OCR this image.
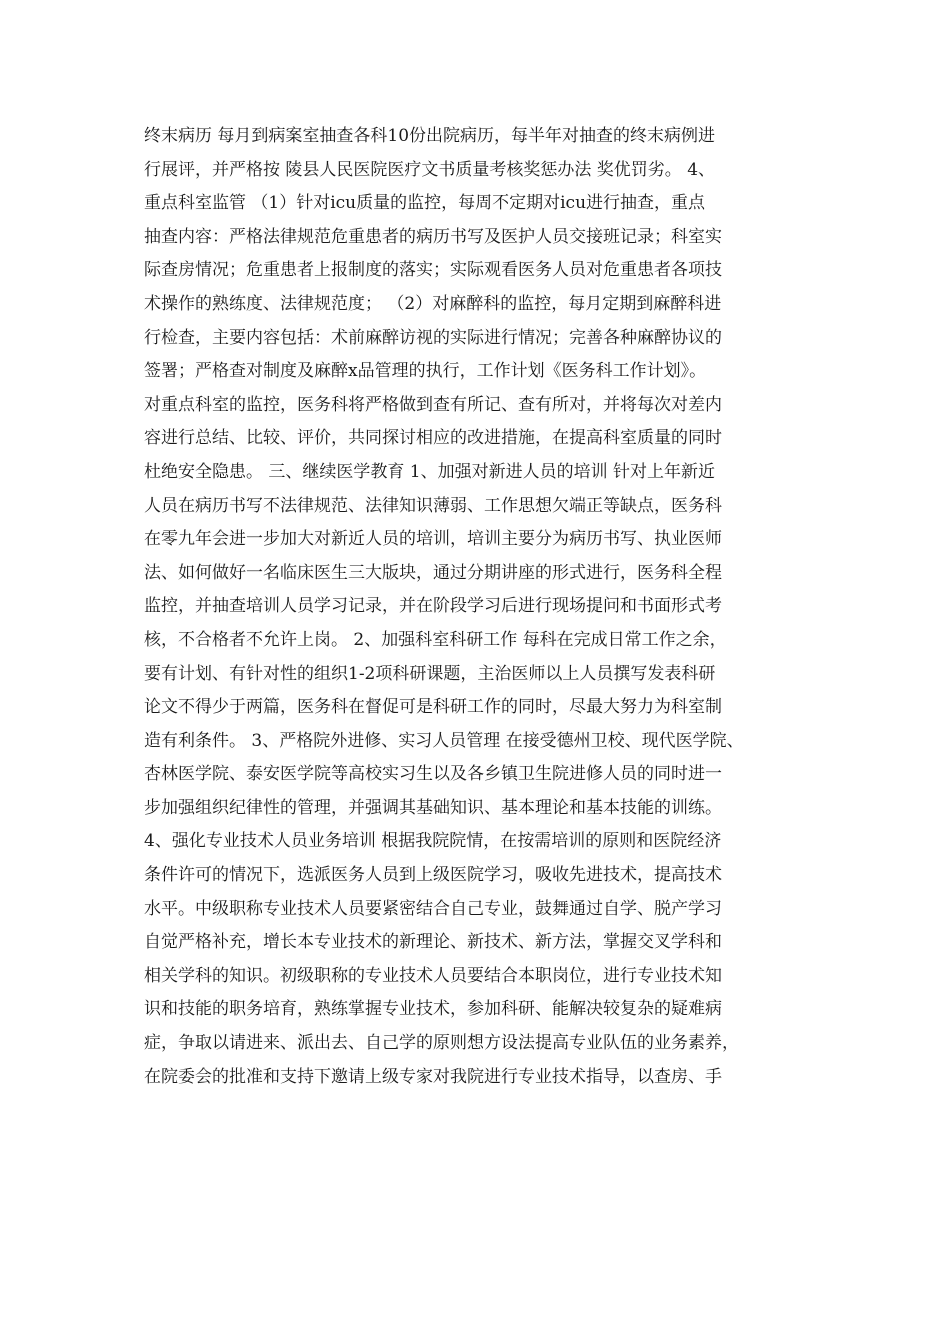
终末病历 每月到病案室抽查各科10份出院病历，每半年对抽查的终末病例进
行展评，并严格按 陵县人民医院医疗文书质量考核奖惩办法 奖优罚劣。 4、
重点科室监管 （1）针对icu质量的监控，每周不定期对icu进行抽查，重点
抽查内容：严格法律规范危重患者的病历书写及医护人员交接班记录；科室实
际查房情况；危重患者上报制度的落实；实际观看医务人员对危重患者各项技
术操作的熟练度、法律规范度； （2）对麻醉科的监控，每月定期到麻醉科进
行检查，主要内容包括：术前麻醉访视的实际进行情况；完善各种麻醉协议的
签署；严格查对制度及麻醉x品管理的执行，工作计划《医务科工作计划》。
对重点科室的监控，医务科将严格做到查有所记、查有所对，并将每次对差内
容进行总结、比较、评价，共同探讨相应的改进措施，在提高科室质量的同时
杜绝安全隐患。 三、继续医学教育 1、加强对新进人员的培训 针对上年新近
人员在病历书写不法律规范、法律知识薄弱、工作思想欠端正等缺点，医务科
在零九年会进一步加大对新近人员的培训，培训主要分为病历书写、执业医师
法、如何做好一名临床医生三大版块，通过分期讲座的形式进行，医务科全程
监控，并抽查培训人员学习记录，并在阶段学习后进行现场提问和书面形式考
核，不合格者不允许上岗。 2、加强科室科研工作 每科在完成日常工作之余，
要有计划、有针对性的组织1-2项科研课题，主治医师以上人员撰写发表科研
论文不得少于两篇，医务科在督促可是科研工作的同时，尽最大努力为科室制
造有利条件。 3、严格院外进修、实习人员管理 在接受德州卫校、现代医学院、
杏林医学院、泰安医学院等高校实习生以及各乡镇卫生院进修人员的同时进一
步加强组织纪律性的管理，并强调其基础知识、基本理论和基本技能的训练。
4、强化专业技术人员业务培训 根据我院院情，在按需培训的原则和医院经济
条件许可的情况下，选派医务人员到上级医院学习，吸收先进技术，提高技术
水平。中级职称专业技术人员要紧密结合自己专业，鼓舞通过自学、脱产学习
自觉严格补充，增长本专业技术的新理论、新技术、新方法，掌握交叉学科和
相关学科的知识。初级职称的专业技术人员要结合本职岗位，进行专业技术知
识和技能的职务培育，熟练掌握专业技术，参加科研、能解决较复杂的疑难病
症，争取以请进来、派出去、自己学的原则想方设法提高专业队伍的业务素养，
在院委会的批准和支持下邀请上级专家对我院进行专业技术指导，以查房、手
